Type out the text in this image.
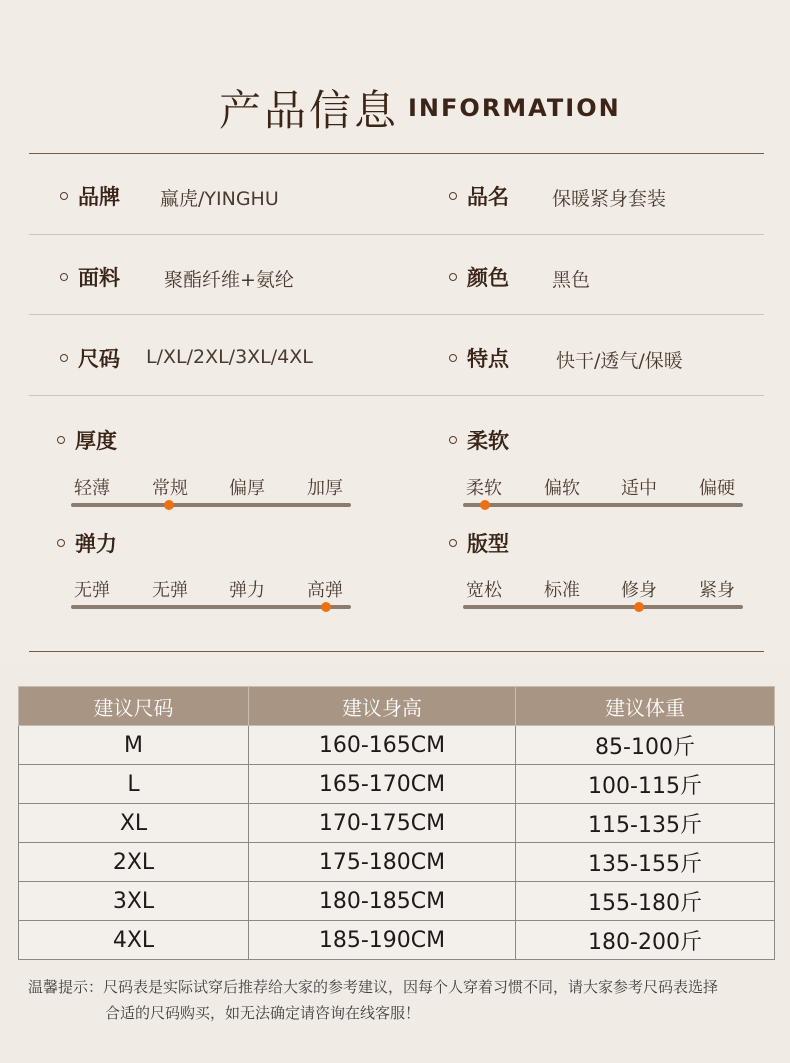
产品信息 INFORMATION
品牌 赢虎/YINGHU	品名 保暖紧身套装
面料 聚酯纤维+氨纶	颜色 黑色
尺码 L/XL/2XL/3XL/4XL	特点 快干/透气/保暖
厚度	柔软
弹力	版型
轻薄 常规 偏厚 加厚	柔软 偏软 适中 偏硬
无弹 无弹 弹力 高弹	宽松 标准 修身 紧身
建议尺码	建议身高	建议体重
M	160-165CM	85-100斤
L	165-170CM	100-115斤
XL	170-175CM	115-135斤
2XL	175-180CM	135-155斤
3XL	180-185CM	155-180斤
4XL	185-190CM	180-200斤
温馨提示：尺码表是实际试穿后推荐给大家的参考建议，因每个人穿着习惯不同，请大家参考尺码表选择
合适的尺码购买，如无法确定请咨询在线客服！
